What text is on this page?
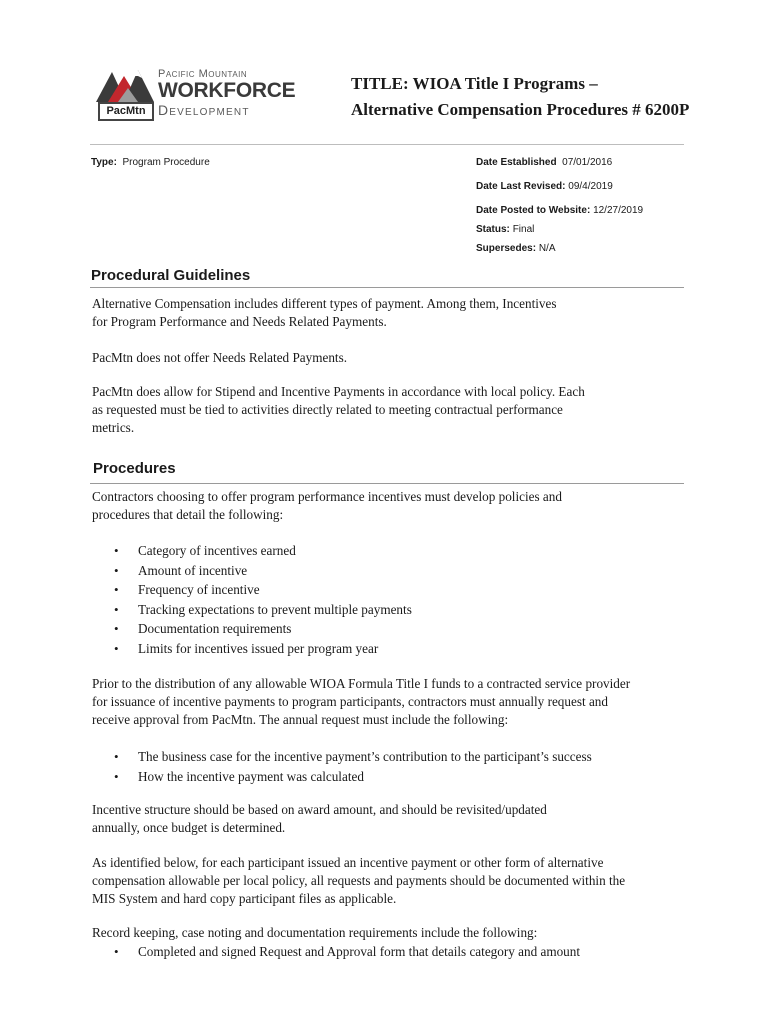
PacMtn
Pacific Mountain
WORKFORCE
Development
TITLE: WIOA Title I Programs –
Alternative Compensation Procedures # 6200P
Type: Program Procedure	Date Established 07/01/2016
Date Last Revised: 09/4/2019
Date Posted to Website: 12/27/2019
Status: Final
Supersedes: N/A
Procedural Guidelines
Alternative Compensation includes different types of payment. Among them, Incentives
for Program Performance and Needs Related Payments.
PacMtn does not offer Needs Related Payments.
PacMtn does allow for Stipend and Incentive Payments in accordance with local policy. Each
as requested must be tied to activities directly related to meeting contractual performance
metrics.
Procedures
Contractors choosing to offer program performance incentives must develop policies and
procedures that detail the following:
• Category of incentives earned
• Amount of incentive
• Frequency of incentive
• Tracking expectations to prevent multiple payments
• Documentation requirements
• Limits for incentives issued per program year
Prior to the distribution of any allowable WIOA Formula Title I funds to a contracted service provider
for issuance of incentive payments to program participants, contractors must annually request and
receive approval from PacMtn. The annual request must include the following:
• The business case for the incentive payment’s contribution to the participant’s success
• How the incentive payment was calculated
Incentive structure should be based on award amount, and should be revisited/updated
annually, once budget is determined.
As identified below, for each participant issued an incentive payment or other form of alternative
compensation allowable per local policy, all requests and payments should be documented within the
MIS System and hard copy participant files as applicable.
Record keeping, case noting and documentation requirements include the following:
• Completed and signed Request and Approval form that details category and amount
